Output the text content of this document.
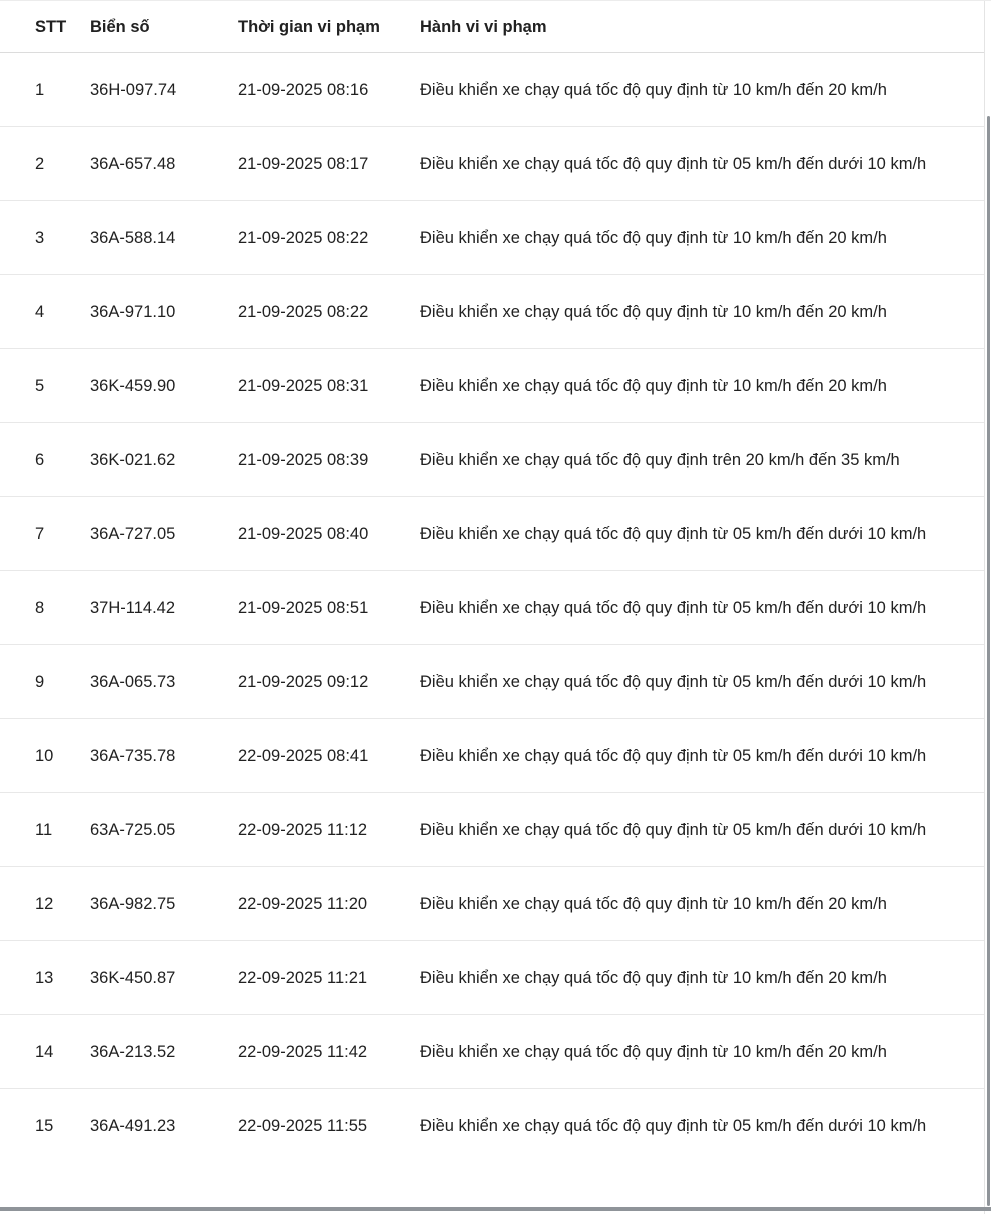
STT	Biển số	Thời gian vi phạm	Hành vi vi phạm
1	36H-097.74	21-09-2025 08:16	Điều khiển xe chạy quá tốc độ quy định từ 10 km/h đến 20 km/h
2	36A-657.48	21-09-2025 08:17	Điều khiển xe chạy quá tốc độ quy định từ 05 km/h đến dưới 10 km/h
3	36A-588.14	21-09-2025 08:22	Điều khiển xe chạy quá tốc độ quy định từ 10 km/h đến 20 km/h
4	36A-971.10	21-09-2025 08:22	Điều khiển xe chạy quá tốc độ quy định từ 10 km/h đến 20 km/h
5	36K-459.90	21-09-2025 08:31	Điều khiển xe chạy quá tốc độ quy định từ 10 km/h đến 20 km/h
6	36K-021.62	21-09-2025 08:39	Điều khiển xe chạy quá tốc độ quy định trên 20 km/h đến 35 km/h
7	36A-727.05	21-09-2025 08:40	Điều khiển xe chạy quá tốc độ quy định từ 05 km/h đến dưới 10 km/h
8	37H-114.42	21-09-2025 08:51	Điều khiển xe chạy quá tốc độ quy định từ 05 km/h đến dưới 10 km/h
9	36A-065.73	21-09-2025 09:12	Điều khiển xe chạy quá tốc độ quy định từ 05 km/h đến dưới 10 km/h
10	36A-735.78	22-09-2025 08:41	Điều khiển xe chạy quá tốc độ quy định từ 05 km/h đến dưới 10 km/h
11	63A-725.05	22-09-2025 11:12	Điều khiển xe chạy quá tốc độ quy định từ 05 km/h đến dưới 10 km/h
12	36A-982.75	22-09-2025 11:20	Điều khiển xe chạy quá tốc độ quy định từ 10 km/h đến 20 km/h
13	36K-450.87	22-09-2025 11:21	Điều khiển xe chạy quá tốc độ quy định từ 10 km/h đến 20 km/h
14	36A-213.52	22-09-2025 11:42	Điều khiển xe chạy quá tốc độ quy định từ 10 km/h đến 20 km/h
15	36A-491.23	22-09-2025 11:55	Điều khiển xe chạy quá tốc độ quy định từ 05 km/h đến dưới 10 km/h
